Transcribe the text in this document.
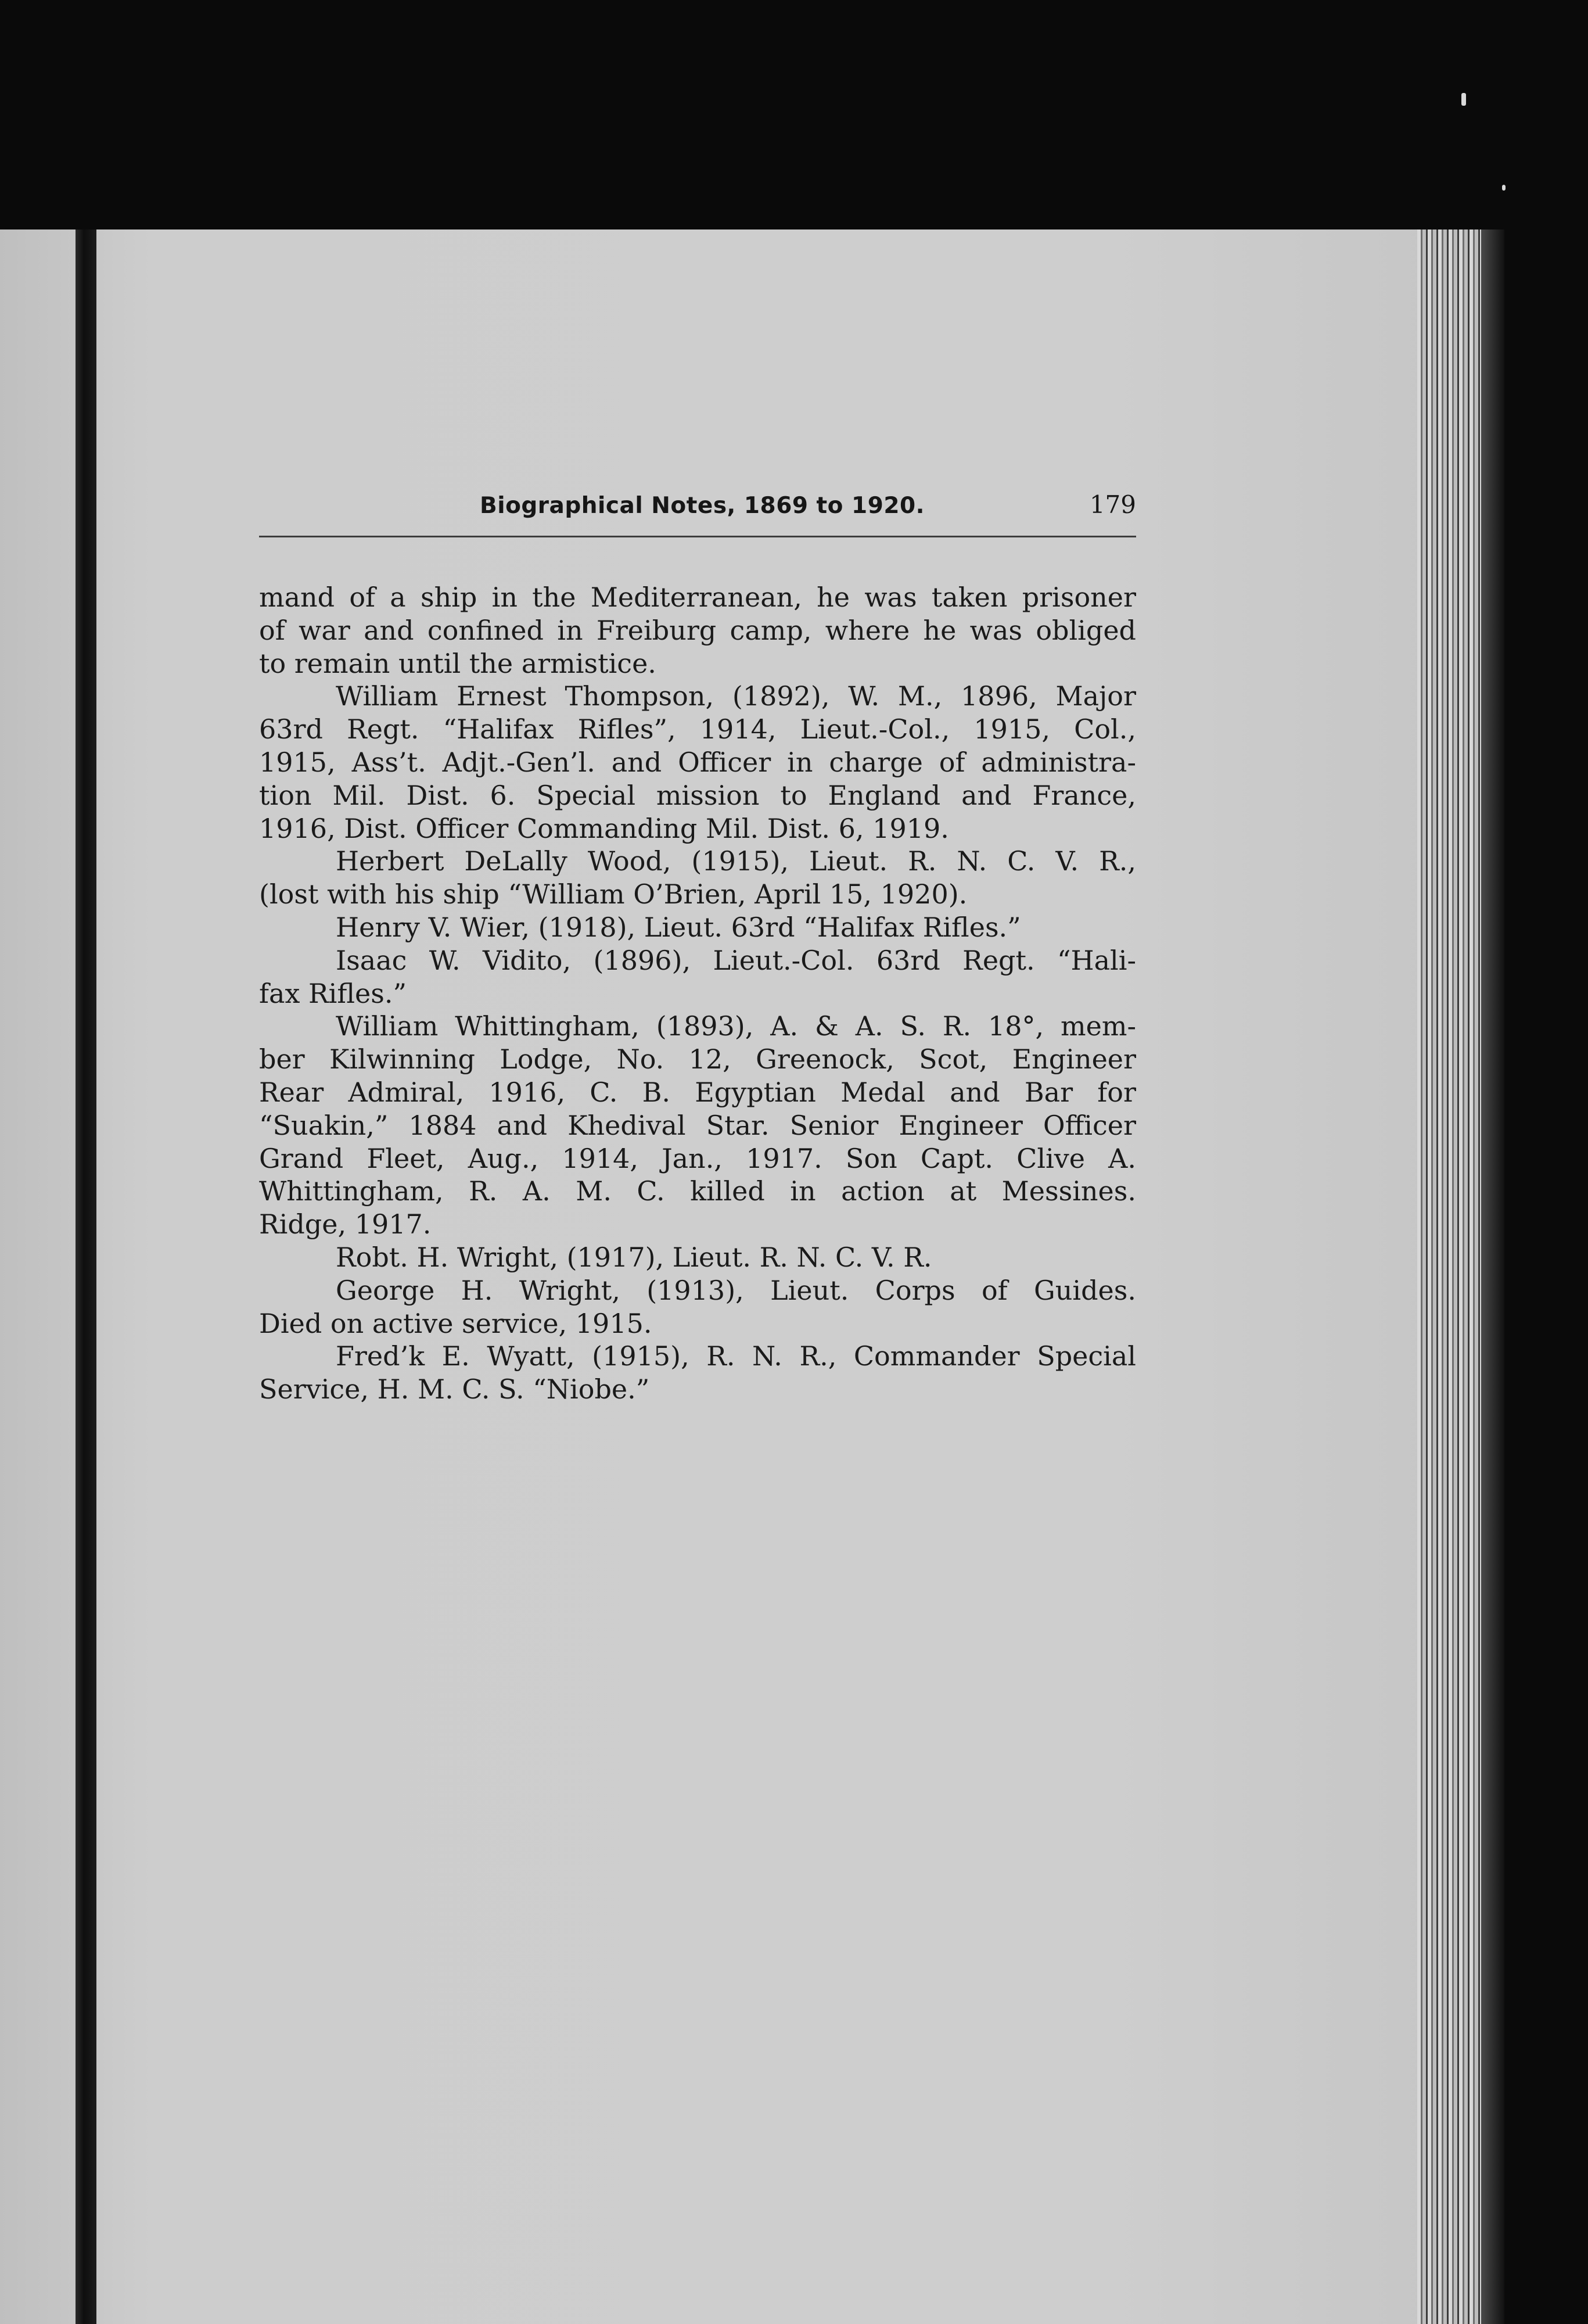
Biographical Notes, 1869 to 1920.	179
mand of a ship in the Mediterranean, he was taken prisoner
of war and confined in Freiburg camp, where he was obliged
to remain until the armistice.
William Ernest Thompson, (1892), W. M., 1896, Major
63rd Regt. “Halifax Rifles”, 1914, Lieut.-Col., 1915, Col.,
1915, Ass’t. Adjt.-Gen’l. and Officer in charge of administra-
tion Mil. Dist. 6. Special mission to England and France,
1916, Dist. Officer Commanding Mil. Dist. 6, 1919.
Herbert DeLally Wood, (1915), Lieut. R. N. C. V. R.,
(lost with his ship “William O’Brien, April 15, 1920).
Henry V. Wier, (1918), Lieut. 63rd “Halifax Rifles.”
Isaac W. Vidito, (1896), Lieut.-Col. 63rd Regt. “Hali-
fax Rifles.”
William Whittingham, (1893), A. & A. S. R. 18°, mem-
ber Kilwinning Lodge, No. 12, Greenock, Scot, Engineer
Rear Admiral, 1916, C. B. Egyptian Medal and Bar for
“Suakin,” 1884 and Khedival Star. Senior Engineer Officer
Grand Fleet, Aug., 1914, Jan., 1917. Son Capt. Clive A.
Whittingham, R. A. M. C. killed in action at Messines.
Ridge, 1917.
Robt. H. Wright, (1917), Lieut. R. N. C. V. R.
George H. Wright, (1913), Lieut. Corps of Guides.
Died on active service, 1915.
Fred’k E. Wyatt, (1915), R. N. R., Commander Special
Service, H. M. C. S. “Niobe.”
